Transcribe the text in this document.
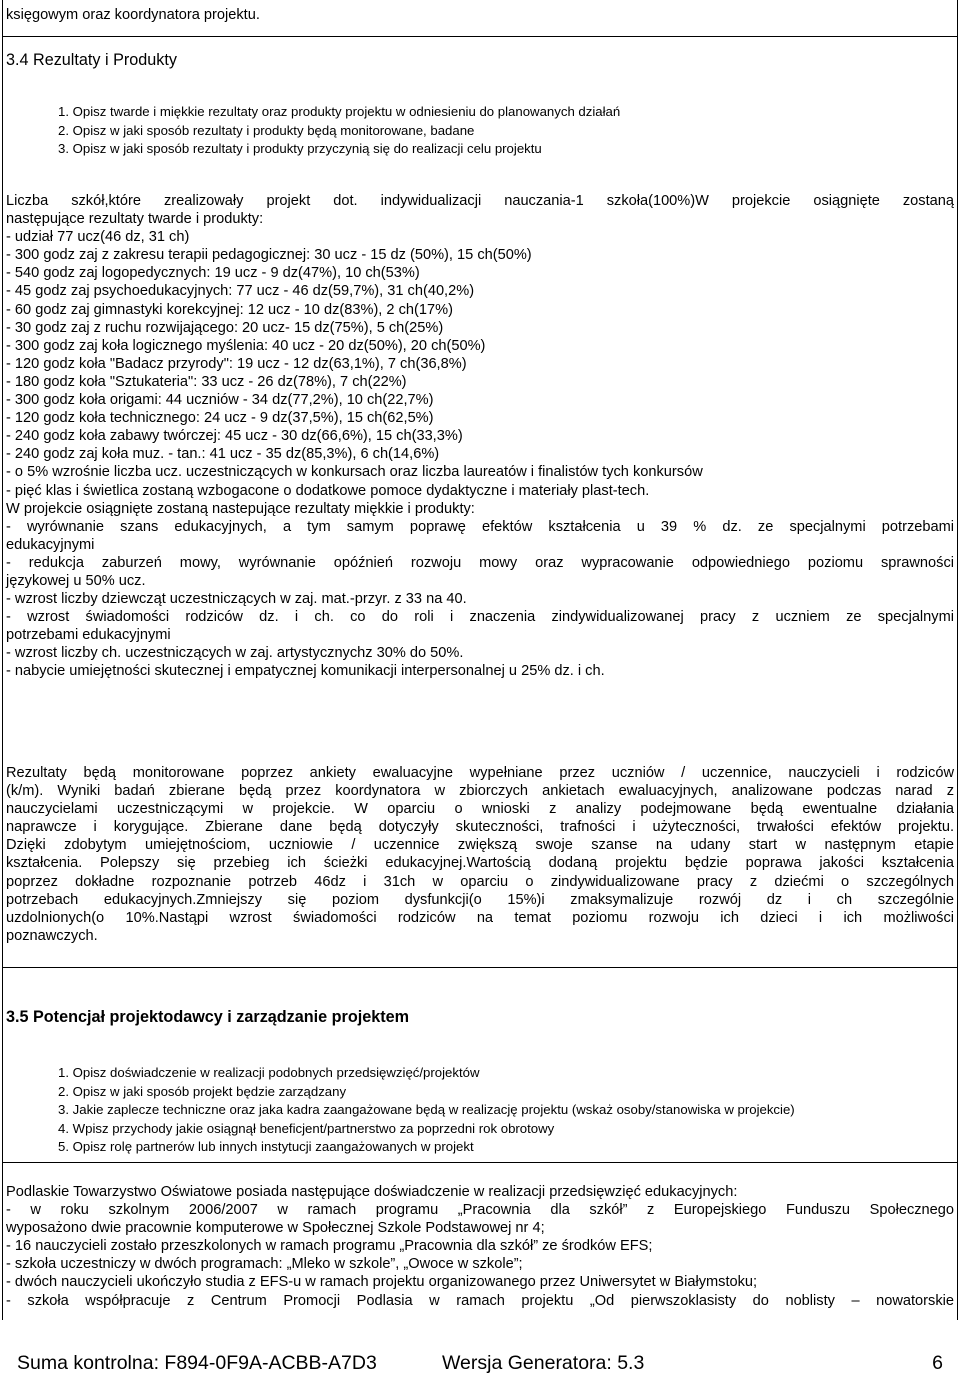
księgowym oraz koordynatora projektu.

3.4 Rezultaty i Produkty
1. Opisz twarde i miękkie rezultaty oraz produkty projektu w odniesieniu do planowanych działań
2. Opisz w jaki sposób rezultaty i produkty będą monitorowane, badane
3. Opisz w jaki sposób rezultaty i produkty przyczynią się do realizacji celu projektu
Liczba szkół,które zrealizowały projekt dot. indywidualizacji nauczania-1 szkoła(100%)W projekcie osiągnięte zostaną
następujące rezultaty twarde i produkty:
- udział 77 ucz(46 dz, 31 ch)
- 300 godz zaj z zakresu terapii pedagogicznej: 30 ucz - 15 dz (50%), 15 ch(50%)
- 540 godz zaj logopedycznych: 19 ucz - 9 dz(47%), 10 ch(53%)
- 45 godz zaj psychoedukacyjnych: 77 ucz - 46 dz(59,7%), 31 ch(40,2%)
- 60 godz zaj gimnastyki korekcyjnej: 12 ucz - 10 dz(83%), 2 ch(17%)
- 30 godz zaj z ruchu rozwijającego: 20 ucz- 15 dz(75%), 5 ch(25%)
- 300 godz zaj koła logicznego myślenia: 40 ucz - 20 dz(50%), 20 ch(50%)
- 120 godz koła "Badacz przyrody": 19 ucz - 12 dz(63,1%), 7 ch(36,8%)
- 180 godz koła "Sztukateria": 33 ucz - 26 dz(78%), 7 ch(22%)
- 300 godz koła origami: 44 uczniów - 34 dz(77,2%), 10 ch(22,7%)
- 120 godz koła technicznego: 24 ucz - 9 dz(37,5%), 15 ch(62,5%)
- 240 godz koła zabawy twórczej: 45 ucz - 30 dz(66,6%), 15 ch(33,3%)
- 240 godz zaj koła muz. - tan.: 41 ucz - 35 dz(85,3%), 6 ch(14,6%)
- o 5% wzrośnie liczba ucz. uczestniczących w konkursach oraz liczba laureatów i finalistów tych konkursów
- pięć klas i świetlica zostaną wzbogacone o dodatkowe pomoce dydaktyczne i materiały plast-tech.
W projekcie osiągnięte zostaną nastepujące rezultaty miękkie i produkty:
- wyrównanie szans edukacyjnych, a tym samym poprawę efektów kształcenia u 39 % dz. ze specjalnymi potrzebami
edukacyjnymi
- redukcja zaburzeń mowy, wyrównanie opóźnień rozwoju mowy oraz wypracowanie odpowiedniego poziomu sprawności
językowej u 50% ucz.
- wzrost liczby dziewcząt uczestniczących w zaj. mat.-przyr. z 33 na 40.
- wzrost świadomości rodziców dz. i ch. co do roli i znaczenia zindywidualizowanej pracy z uczniem ze specjalnymi
potrzebami edukacyjnymi
- wzrost liczby ch. uczestniczących w zaj. artystycznychz 30% do 50%.
- nabycie umiejętności skutecznej i empatycznej komunikacji interpersonalnej u 25% dz. i ch.
Rezultaty będą monitorowane poprzez ankiety ewaluacyjne wypełniane przez uczniów / uczennice, nauczycieli i rodziców
(k/m). Wyniki badań zbierane będą przez koordynatora w zbiorczych ankietach ewaluacyjnych, analizowane podczas narad z
nauczycielami uczestniczącymi w projekcie. W oparciu o wnioski z analizy podejmowane będą ewentualne działania
naprawcze i korygujące. Zbierane dane będą dotyczyły skuteczności, trafności i użyteczności, trwałości efektów projektu.
Dzięki zdobytym umiejętnościom, uczniowie / uczennice zwiększą swoje szanse na udany start w następnym etapie
kształcenia. Polepszy się przebieg ich ścieżki edukacyjnej.Wartością dodaną projektu będzie poprawa jakości kształcenia
poprzez dokładne rozpoznanie potrzeb 46dz i 31ch w oparciu o zindywidualizowane pracy z dziećmi o szczególnych
potrzebach edukacyjnych.Zmniejszy się poziom dysfunkcji(o 15%)i zmaksymalizuje rozwój dz i ch szczególnie
uzdolnionych(o 10%.Nastąpi wzrost świadomości rodziców na temat poziomu rozwoju ich dzieci i ich możliwości
poznawczych.
3.5 Potencjał projektodawcy i zarządzanie projektem
1. Opisz doświadczenie w realizacji podobnych przedsięwzięć/projektów
2. Opisz w jaki sposób projekt będzie zarządzany
3. Jakie zaplecze techniczne oraz jaka kadra zaangażowane będą w realizację projektu (wskaż osoby/stanowiska w projekcie)
4. Wpisz przychody jakie osiągnął beneficjent/partnerstwo za poprzedni rok obrotowy
5. Opisz rolę partnerów lub innych instytucji zaangażowanych w projekt
Podlaskie Towarzystwo Oświatowe posiada następujące doświadczenie w realizacji przedsięwzięć edukacyjnych:
- w roku szkolnym 2006/2007 w ramach programu „Pracownia dla szkół” z Europejskiego Funduszu Społecznego
wyposażono dwie pracownie komputerowe w Społecznej Szkole Podstawowej nr 4;
- 16 nauczycieli zostało przeszkolonych w ramach programu „Pracownia dla szkół” ze środków EFS;
- szkoła uczestniczy w dwóch programach: „Mleko w szkole”, „Owoce w szkole”;
- dwóch nauczycieli ukończyło studia z EFS-u w ramach projektu organizowanego przez Uniwersytet w Białymstoku;
- szkoła współpracuje z Centrum Promocji Podlasia w ramach projektu „Od pierwszoklasisty do noblisty – nowatorskie
Suma kontrolna: F894-0F9A-ACBB-A7D3	Wersja Generatora: 5.3	6
